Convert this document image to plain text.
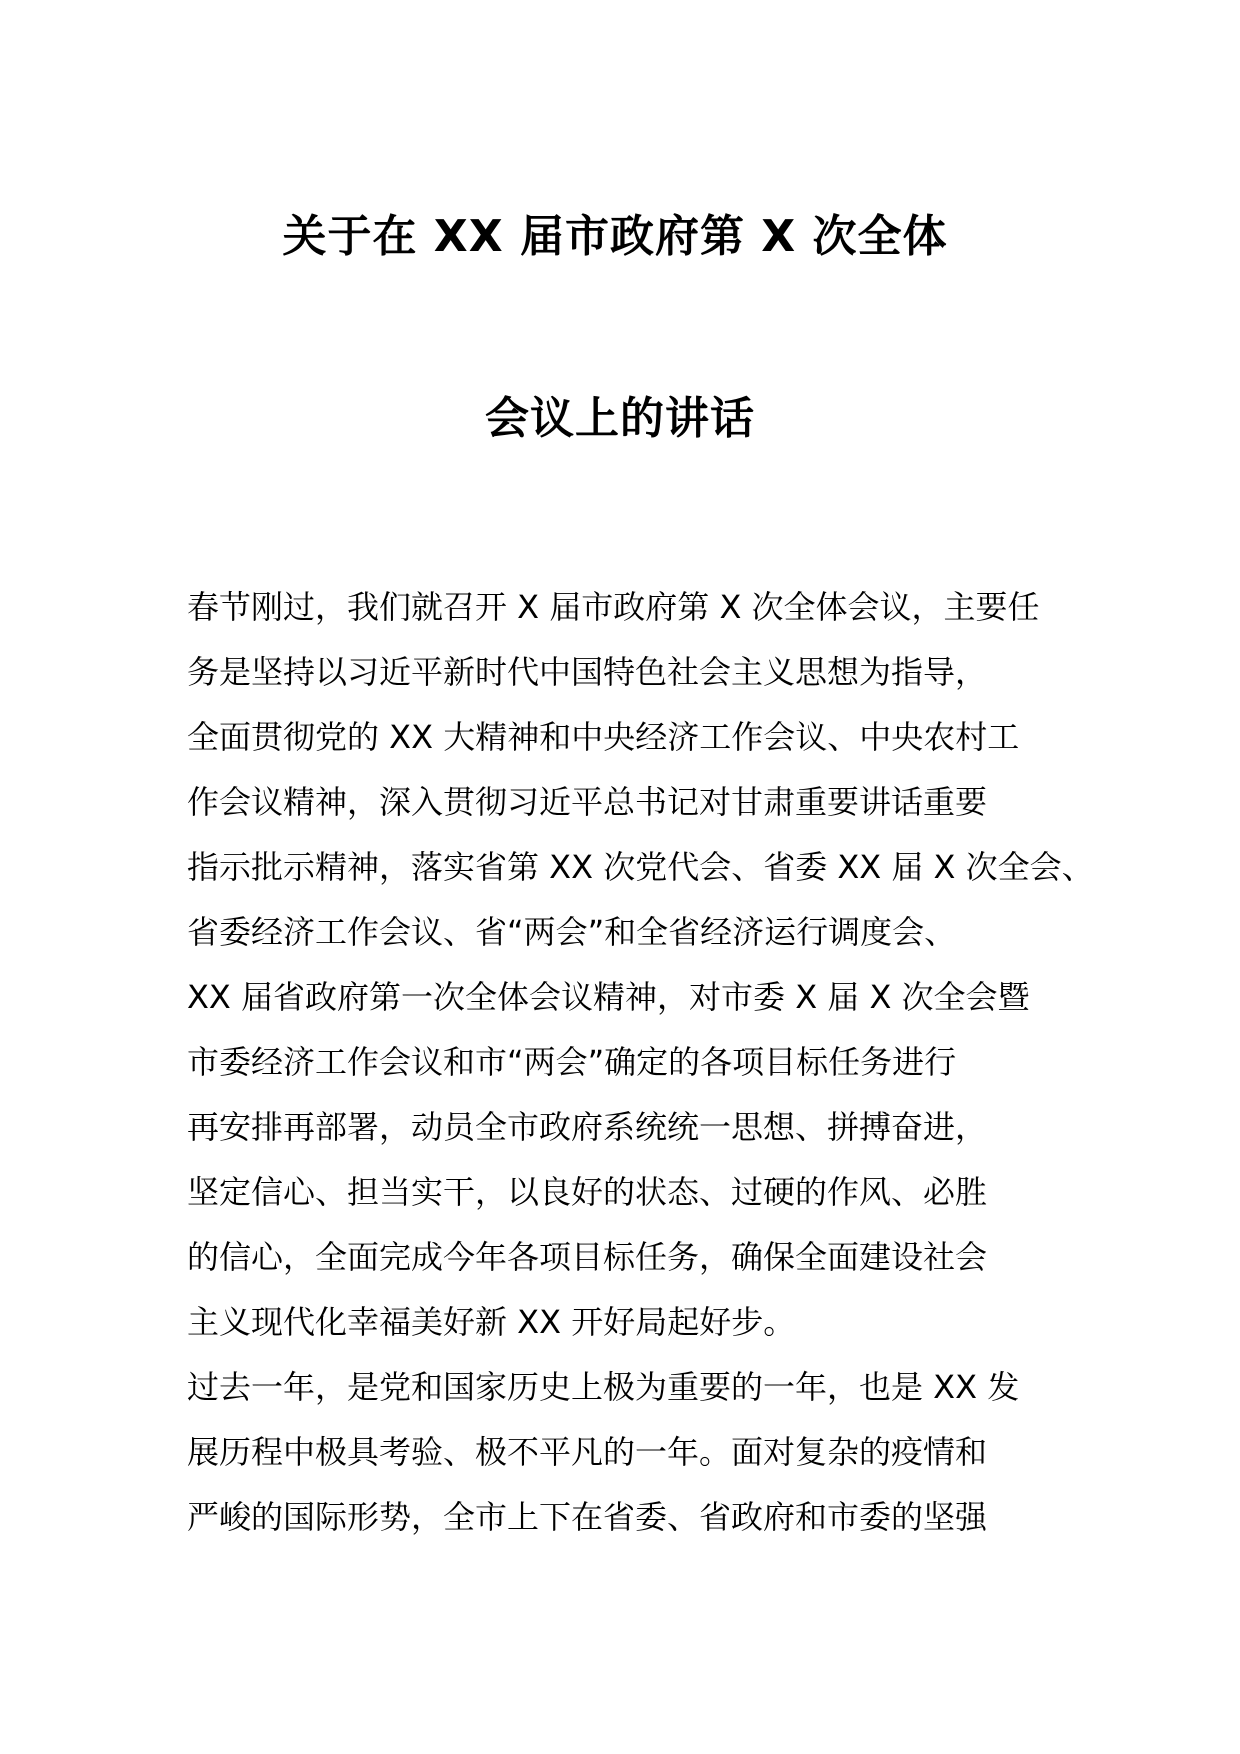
关于在 XX 届市政府第 X 次全体
会议上的讲话
春节刚过，我们就召开 X 届市政府第 X 次全体会议，主要任
务是坚持以习近平新时代中国特色社会主义思想为指导，
全面贯彻党的 XX 大精神和中央经济工作会议、中央农村工
作会议精神，深入贯彻习近平总书记对甘肃重要讲话重要
指示批示精神，落实省第 XX 次党代会、省委 XX 届 X 次全会、
省委经济工作会议、省“两会”和全省经济运行调度会、
XX 届省政府第一次全体会议精神，对市委 X 届 X 次全会暨
市委经济工作会议和市“两会”确定的各项目标任务进行
再安排再部署，动员全市政府系统统一思想、拼搏奋进，
坚定信心、担当实干，以良好的状态、过硬的作风、必胜
的信心，全面完成今年各项目标任务，确保全面建设社会
主义现代化幸福美好新 XX 开好局起好步。
过去一年，是党和国家历史上极为重要的一年，也是 XX 发
展历程中极具考验、极不平凡的一年。面对复杂的疫情和
严峻的国际形势，全市上下在省委、省政府和市委的坚强
